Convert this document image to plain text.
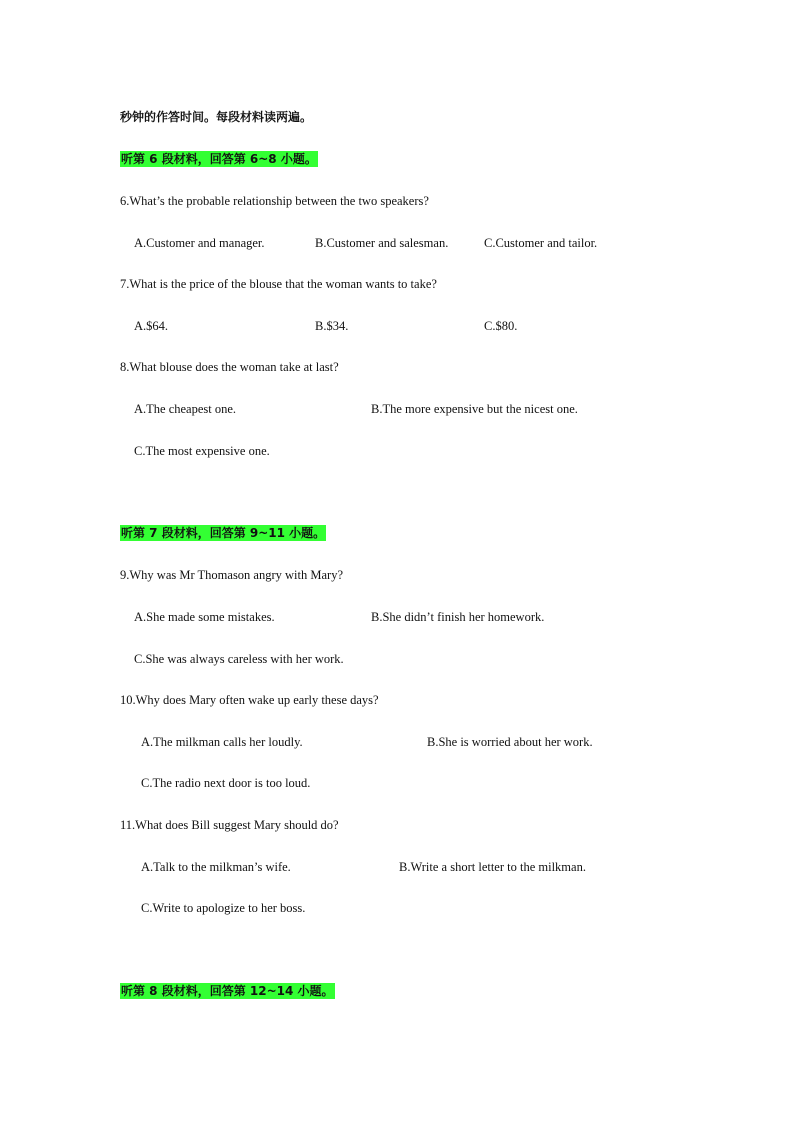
秒钟的作答时间。每段材料读两遍。
听第 6 段材料，回答第 6~8 小题。
6.What’s the probable relationship between the two speakers?
A.Customer and manager.	B.Customer and salesman.	C.Customer and tailor.
7.What is the price of the blouse that the woman wants to take?
A.$64.	B.$34.	C.$80.
8.What blouse does the woman take at last?
A.The cheapest one.	B.The more expensive but the nicest one.
C.The most expensive one.
听第 7 段材料，回答第 9~11 小题。
9.Why was Mr Thomason angry with Mary?
A.She made some mistakes.	B.She didn’t finish her homework.
C.She was always careless with her work.
10.Why does Mary often wake up early these days?
A.The milkman calls her loudly.	B.She is worried about her work.
C.The radio next door is too loud.
11.What does Bill suggest Mary should do?
A.Talk to the milkman’s wife.	B.Write a short letter to the milkman.
C.Write to apologize to her boss.
听第 8 段材料，回答第 12~14 小题。
